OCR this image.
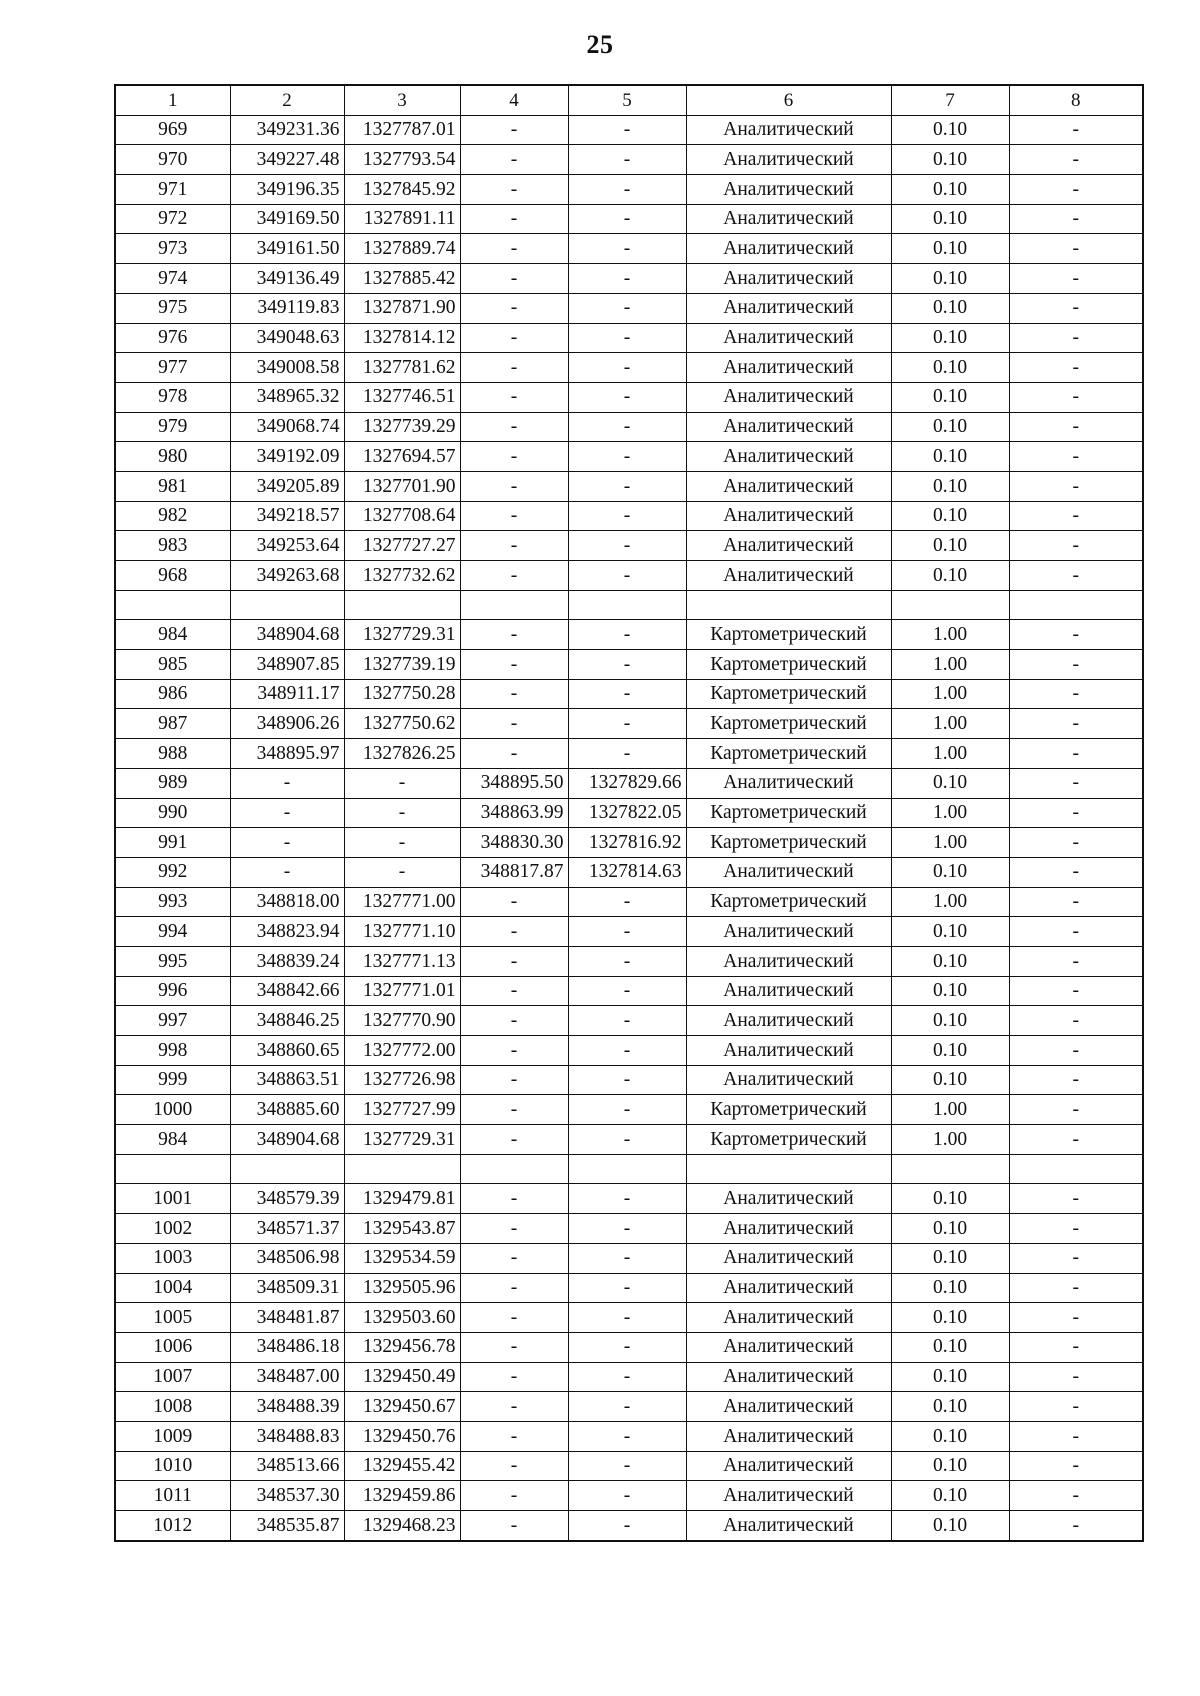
25
1	2	3	4	5	6	7	8
969	349231.36	1327787.01	-	-	Аналитический	0.10	-
970	349227.48	1327793.54	-	-	Аналитический	0.10	-
971	349196.35	1327845.92	-	-	Аналитический	0.10	-
972	349169.50	1327891.11	-	-	Аналитический	0.10	-
973	349161.50	1327889.74	-	-	Аналитический	0.10	-
974	349136.49	1327885.42	-	-	Аналитический	0.10	-
975	349119.83	1327871.90	-	-	Аналитический	0.10	-
976	349048.63	1327814.12	-	-	Аналитический	0.10	-
977	349008.58	1327781.62	-	-	Аналитический	0.10	-
978	348965.32	1327746.51	-	-	Аналитический	0.10	-
979	349068.74	1327739.29	-	-	Аналитический	0.10	-
980	349192.09	1327694.57	-	-	Аналитический	0.10	-
981	349205.89	1327701.90	-	-	Аналитический	0.10	-
982	349218.57	1327708.64	-	-	Аналитический	0.10	-
983	349253.64	1327727.27	-	-	Аналитический	0.10	-
968	349263.68	1327732.62	-	-	Аналитический	0.10	-

984	348904.68	1327729.31	-	-	Картометрический	1.00	-
985	348907.85	1327739.19	-	-	Картометрический	1.00	-
986	348911.17	1327750.28	-	-	Картометрический	1.00	-
987	348906.26	1327750.62	-	-	Картометрический	1.00	-
988	348895.97	1327826.25	-	-	Картометрический	1.00	-
989	-	-	348895.50	1327829.66	Аналитический	0.10	-
990	-	-	348863.99	1327822.05	Картометрический	1.00	-
991	-	-	348830.30	1327816.92	Картометрический	1.00	-
992	-	-	348817.87	1327814.63	Аналитический	0.10	-
993	348818.00	1327771.00	-	-	Картометрический	1.00	-
994	348823.94	1327771.10	-	-	Аналитический	0.10	-
995	348839.24	1327771.13	-	-	Аналитический	0.10	-
996	348842.66	1327771.01	-	-	Аналитический	0.10	-
997	348846.25	1327770.90	-	-	Аналитический	0.10	-
998	348860.65	1327772.00	-	-	Аналитический	0.10	-
999	348863.51	1327726.98	-	-	Аналитический	0.10	-
1000	348885.60	1327727.99	-	-	Картометрический	1.00	-
984	348904.68	1327729.31	-	-	Картометрический	1.00	-

1001	348579.39	1329479.81	-	-	Аналитический	0.10	-
1002	348571.37	1329543.87	-	-	Аналитический	0.10	-
1003	348506.98	1329534.59	-	-	Аналитический	0.10	-
1004	348509.31	1329505.96	-	-	Аналитический	0.10	-
1005	348481.87	1329503.60	-	-	Аналитический	0.10	-
1006	348486.18	1329456.78	-	-	Аналитический	0.10	-
1007	348487.00	1329450.49	-	-	Аналитический	0.10	-
1008	348488.39	1329450.67	-	-	Аналитический	0.10	-
1009	348488.83	1329450.76	-	-	Аналитический	0.10	-
1010	348513.66	1329455.42	-	-	Аналитический	0.10	-
1011	348537.30	1329459.86	-	-	Аналитический	0.10	-
1012	348535.87	1329468.23	-	-	Аналитический	0.10	-
